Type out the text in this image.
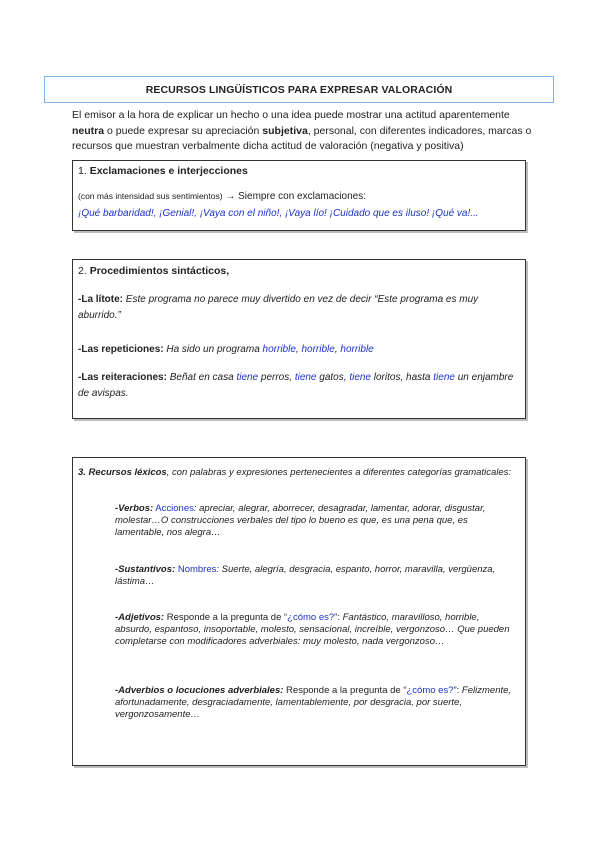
RECURSOS LINGÜÍSTICOS PARA EXPRESAR VALORACIÓN
El emisor a la hora de explicar un hecho o una idea puede mostrar una actitud aparentemente neutra o puede expresar su apreciación subjetiva, personal, con diferentes indicadores, marcas o recursos que muestran verbalmente dicha actitud de valoración (negativa y positiva)
1. Exclamaciones e interjecciones
(con más intensidad sus sentimientos) → Siempre con exclamaciones:
¡Qué barbaridad!, ¡Genial!, ¡Vaya con el niño!, ¡Vaya lío! ¡Cuidado que es iluso! ¡Qué va!...
2. Procedimientos sintácticos,
-La lítote: Este programa no parece muy divertido en vez de decir “Este programa es muy aburrido.”
-Las repeticiones: Ha sido un programa horrible, horrible, horrible
-Las reiteraciones: Beñat en casa tiene perros, tiene gatos, tiene loritos, hasta tiene un enjambre de avispas.
3. Recursos léxicos, con palabras y expresiones pertenecientes a diferentes categorías gramaticales:
-Verbos: Acciones: apreciar, alegrar, aborrecer, desagradar, lamentar, adorar, disgustar, molestar…O construcciones verbales del tipo lo bueno es que, es una pena que, es lamentable, nos alegra…
-Sustantivos: Nombres: Suerte, alegría, desgracia, espanto, horror, maravilla, vergüenza, lástima…
-Adjetivos: Responde a la pregunta de “¿cómo es?”: Fantástico, maravilloso, horrible, absurdo, espantoso, insoportable, molesto, sensacional, increíble, vergonzoso… Que pueden completarse con modificadores adverbiales: muy molesto, nada vergonzoso…
-Adverbios o locuciones adverbiales: Responde a la pregunta de “¿cómo es?”: Felizmente, afortunadamente, desgraciadamente, lamentablemente, por desgracia, por suerte, vergonzosamente…
